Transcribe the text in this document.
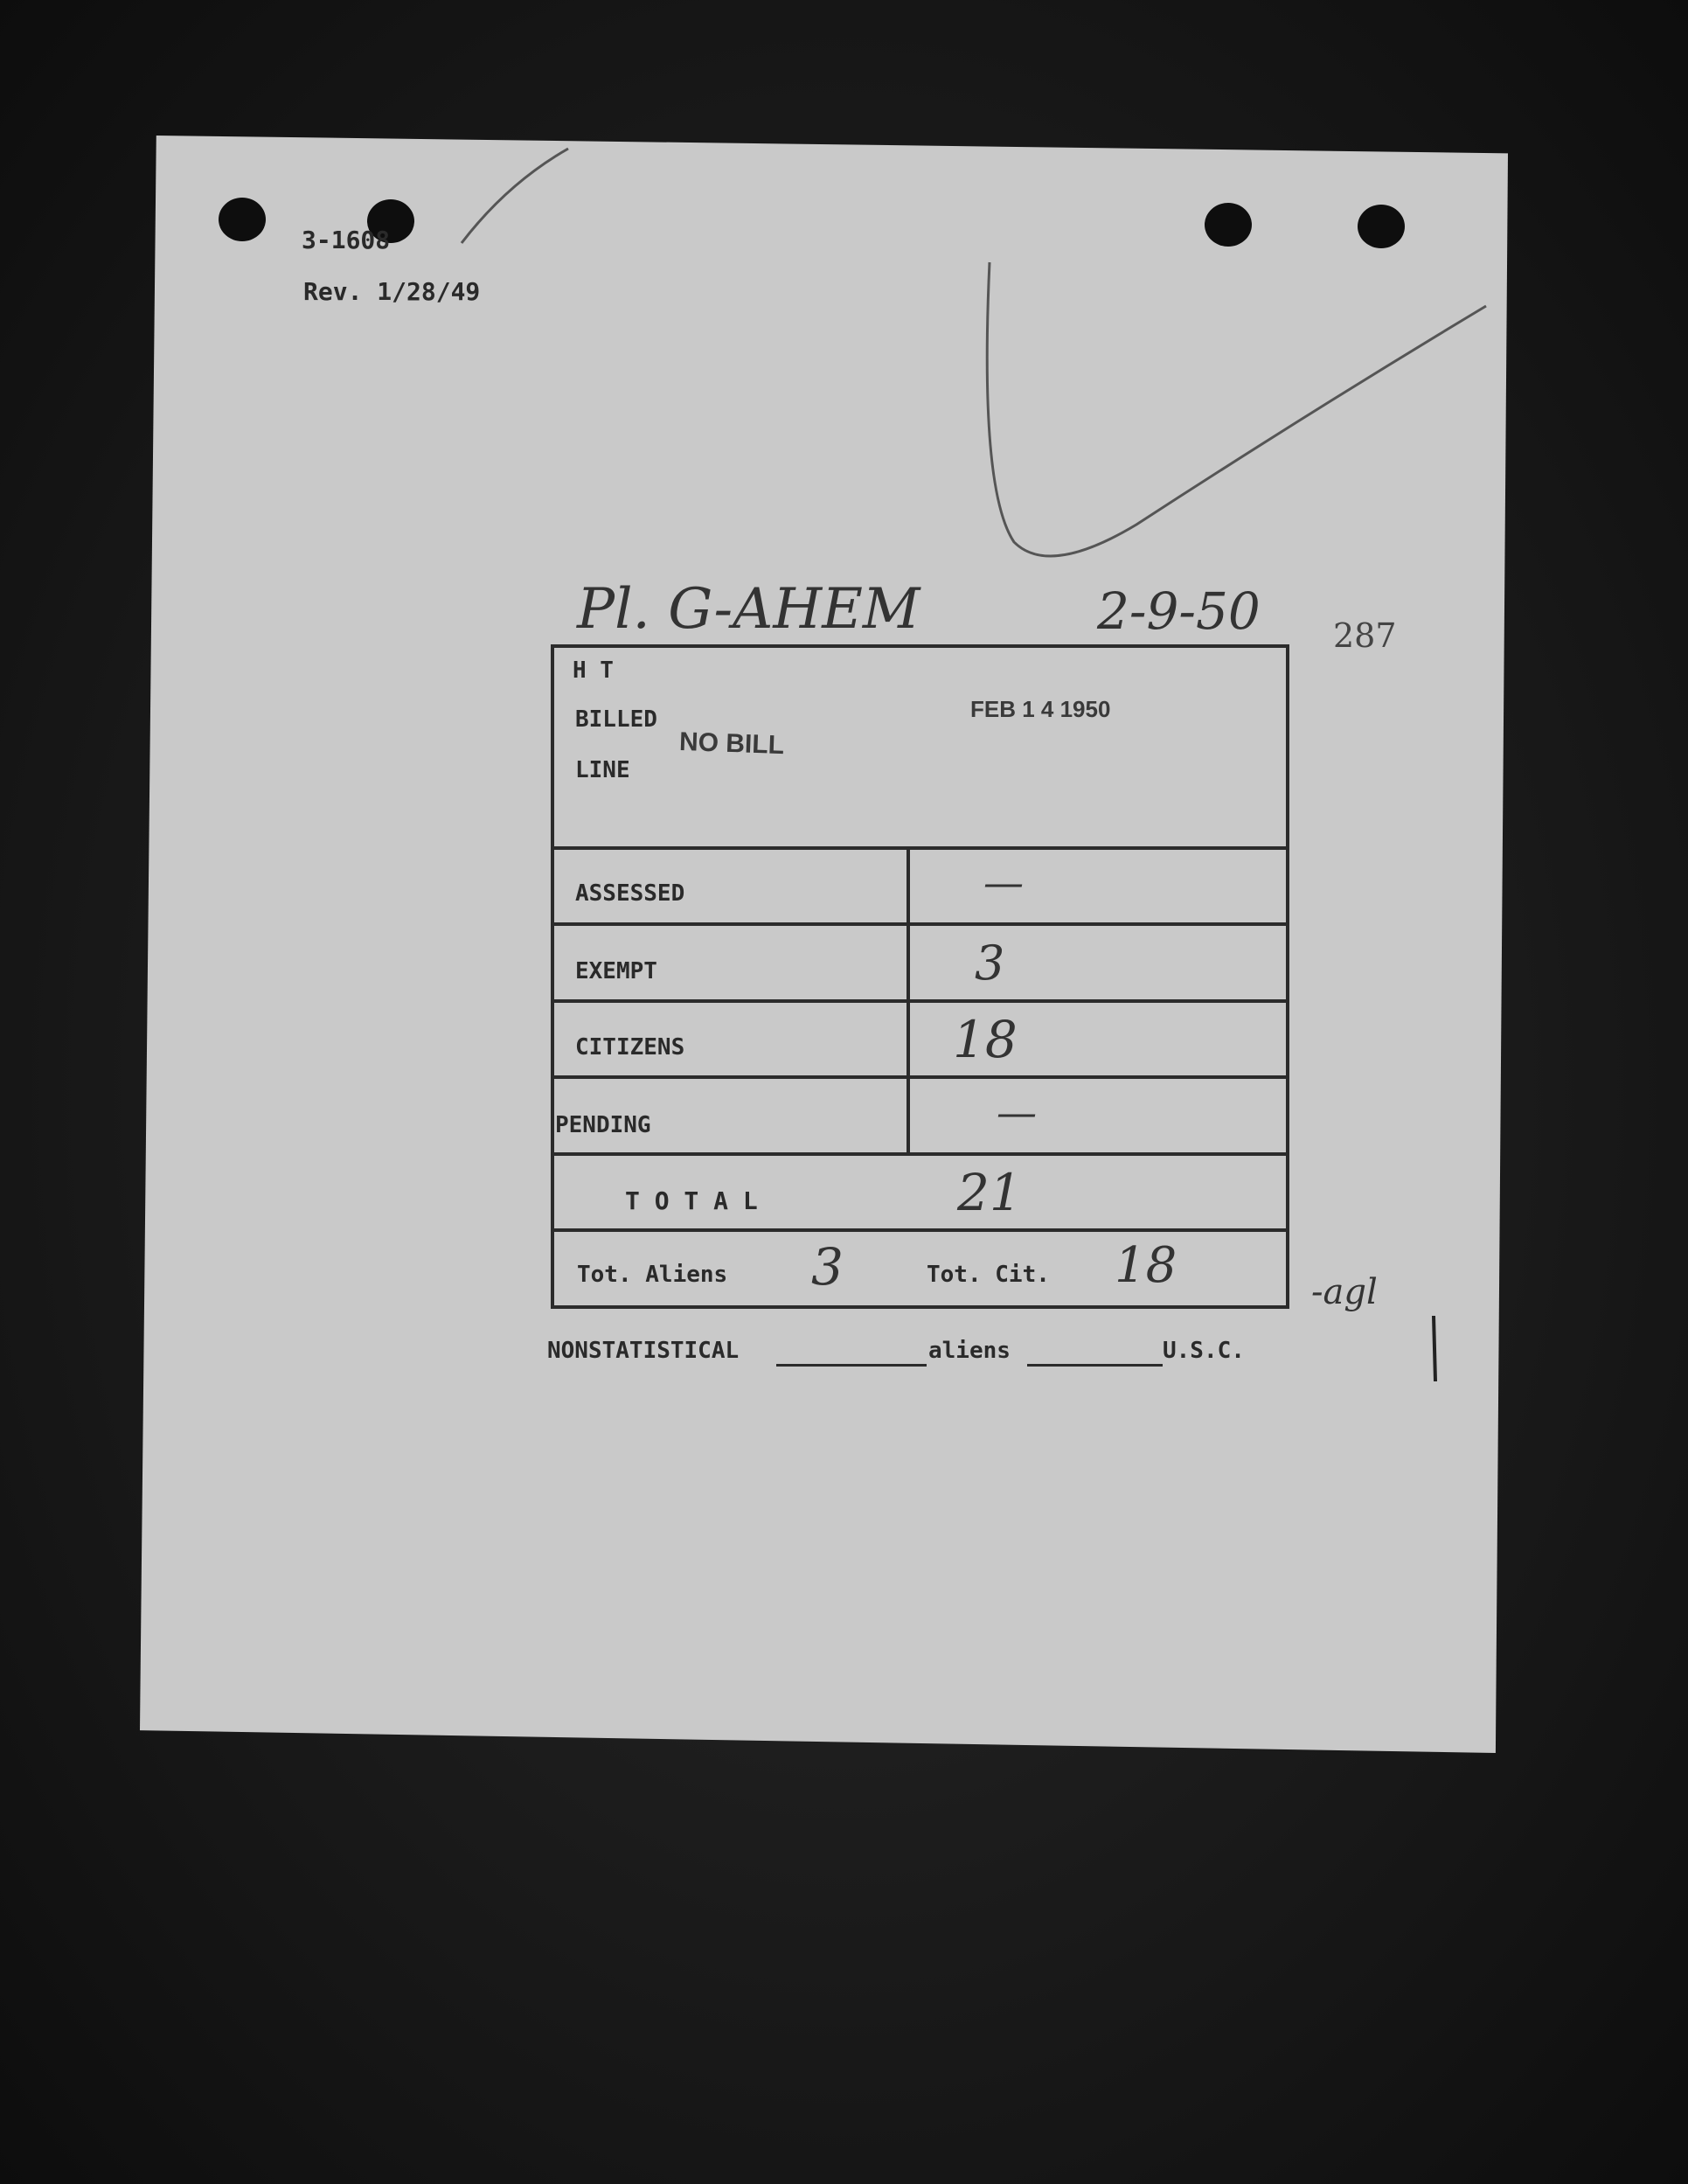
3-1608
Rev. 1/28/49
Pl. G-AHEM	2-9-50 287
H T
BILLED
LINE
NO BILL
FEB 1 4 1950
ASSESSED	—
EXEMPT	3
CITIZENS	18
PENDING	—
T O T A L	21
Tot. Aliens 3	Tot. Cit. 18	-agl
NONSTATISTICAL	aliens	U.S.C.
